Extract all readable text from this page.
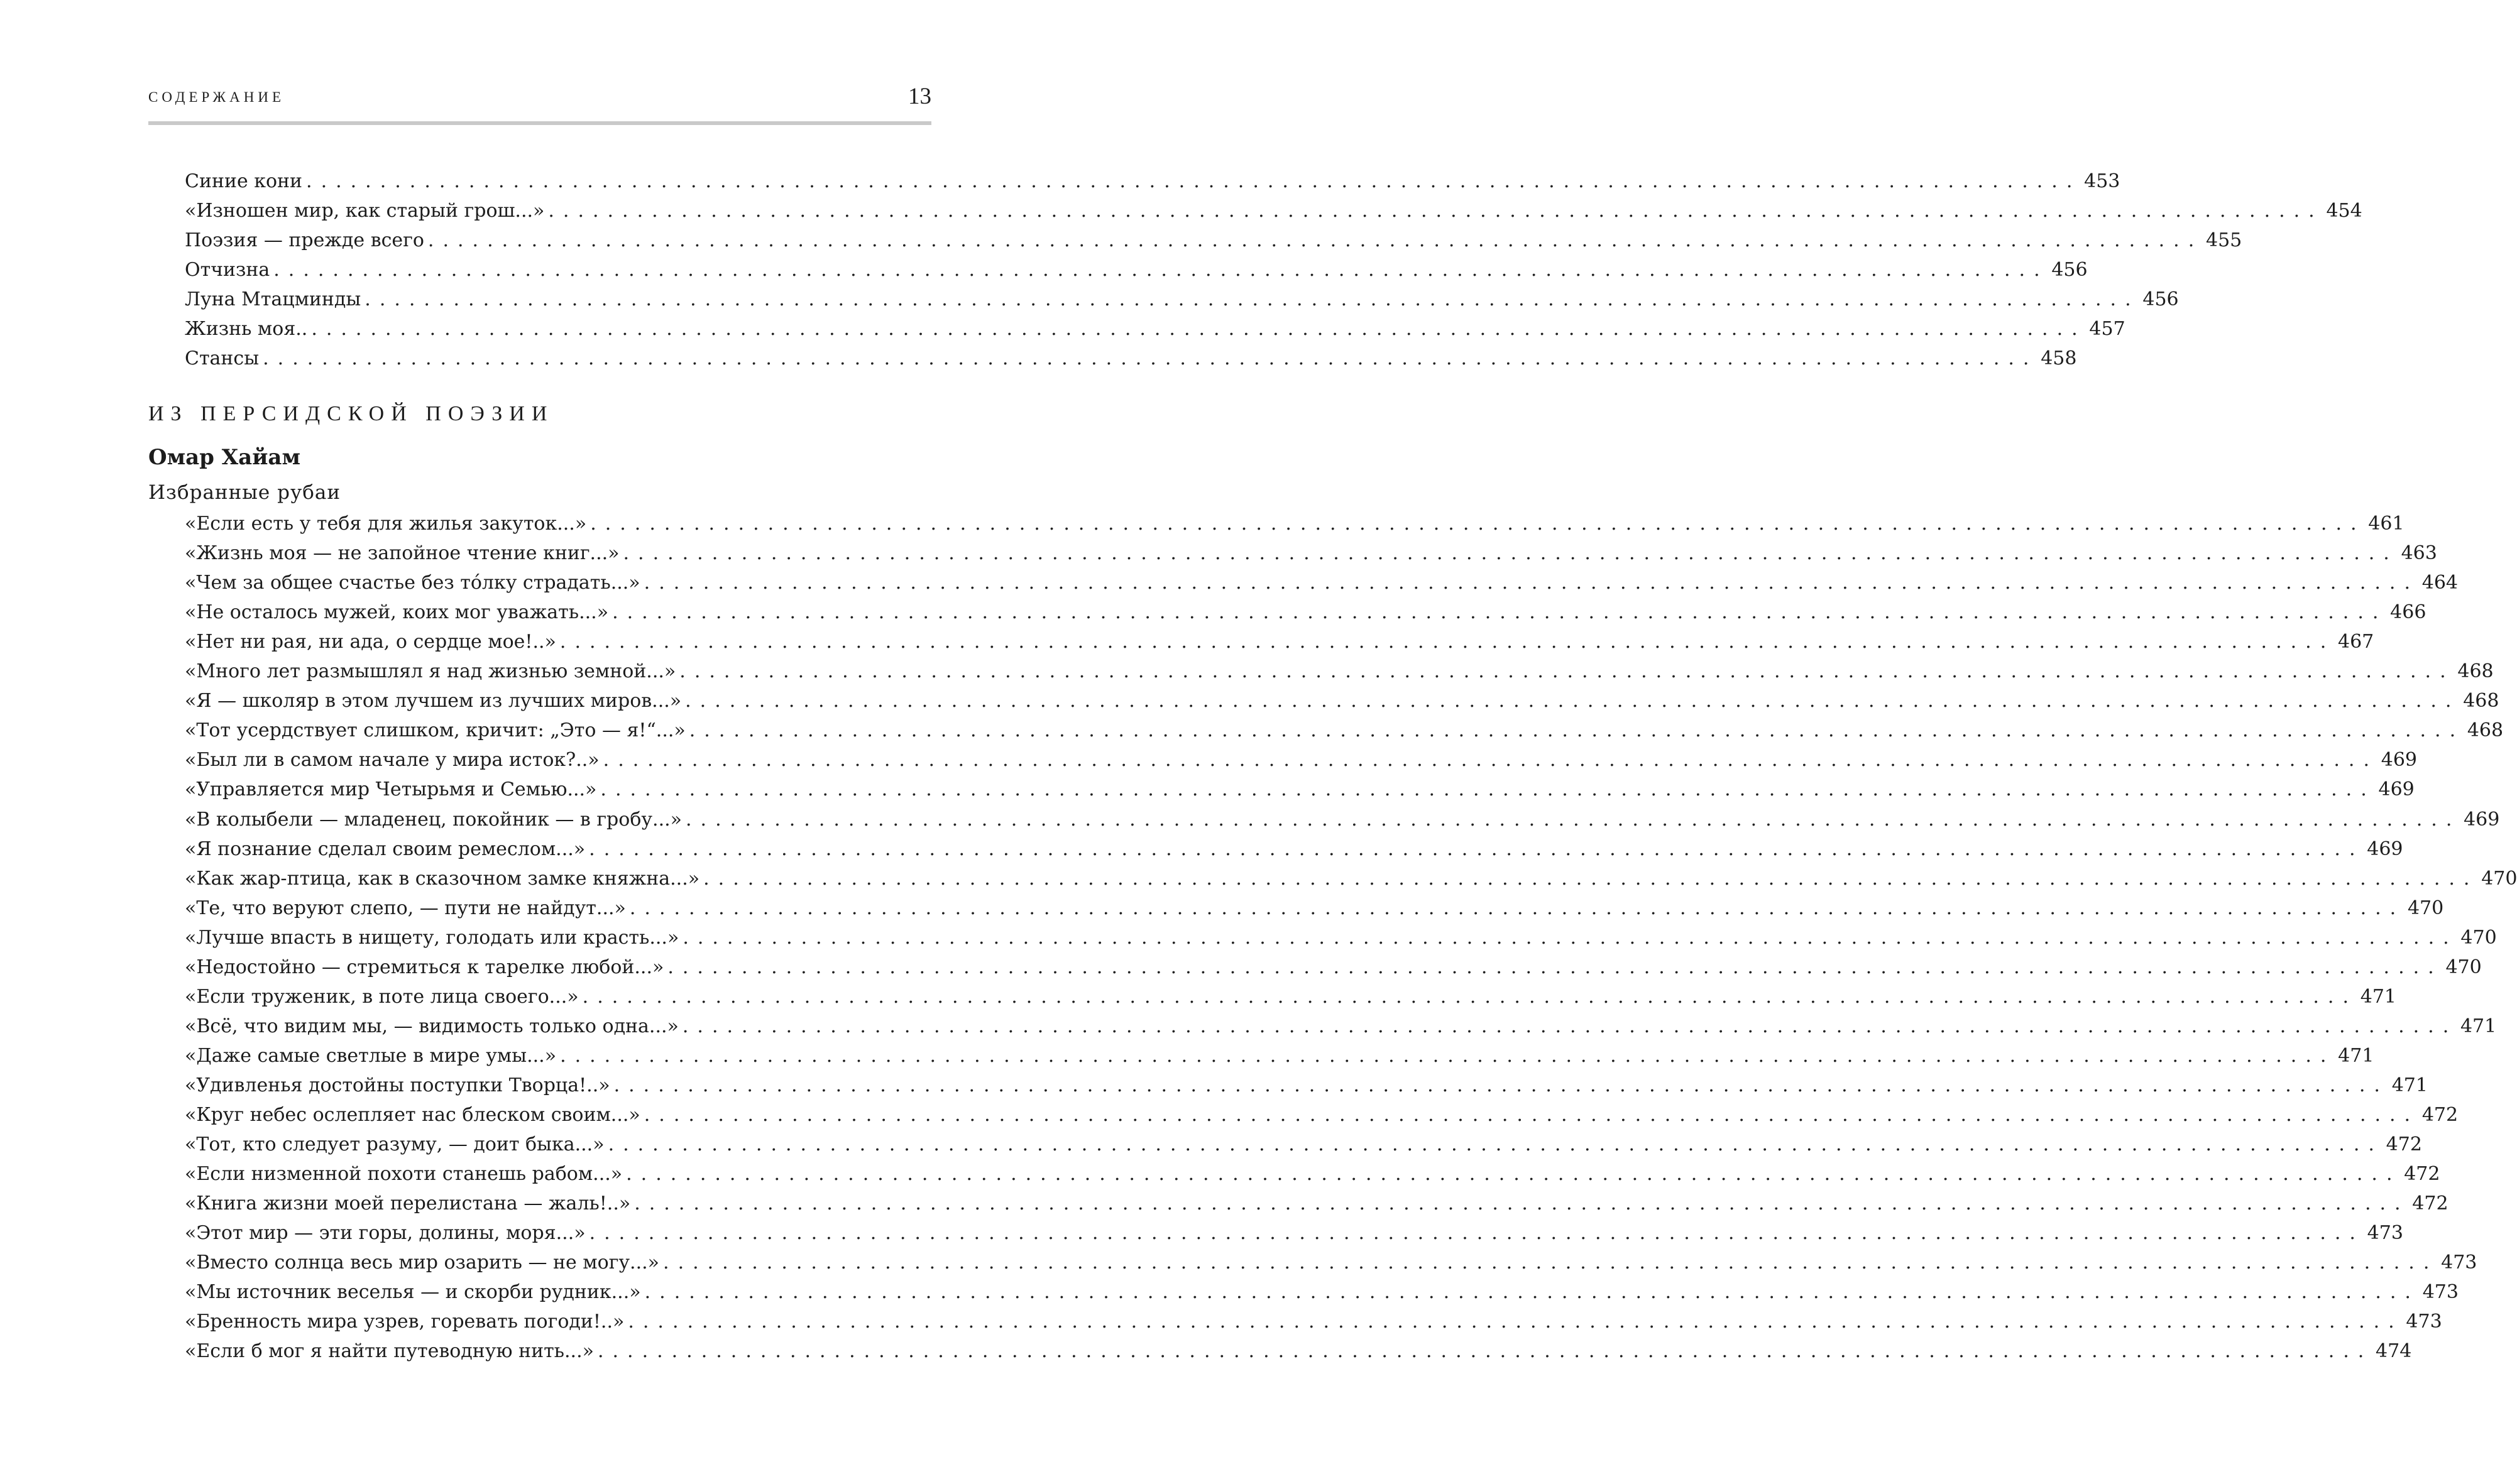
СОДЕРЖАНИЕ	13
Синие кони ........................................................................................................................ 453
«Изношен мир, как старый грош...» ........................................................................................................................ 454
Поэзия — прежде всего ........................................................................................................................ 455
Отчизна ........................................................................................................................ 456
Луна Мтацминды ........................................................................................................................ 456
Жизнь моя.. ........................................................................................................................ 457
Стансы ........................................................................................................................ 458
ИЗ ПЕРСИДСКОЙ ПОЭЗИИ
Омар Хайам
Избранные рубаи
«Если есть у тебя для жилья закуток...» ........................................................................................................................ 461
«Жизнь моя — не запойное чтение книг...» ........................................................................................................................ 463
«Чем за общее счастье без то́лку страдать...» ........................................................................................................................ 464
«Не осталось мужей, коих мог уважать...» ........................................................................................................................ 466
«Нет ни рая, ни ада, о сердце мое!..» ........................................................................................................................ 467
«Много лет размышлял я над жизнью земной...» ........................................................................................................................ 468
«Я — школяр в этом лучшем из лучших миров...» ........................................................................................................................ 468
«Тот усердствует слишком, кричит: „Это — я!“...» ........................................................................................................................ 468
«Был ли в самом начале у мира исток?..» ........................................................................................................................ 469
«Управляется мир Четырьмя и Семью...» ........................................................................................................................ 469
«В колыбели — младенец, покойник — в гробу...» ........................................................................................................................ 469
«Я познание сделал своим ремеслом...» ........................................................................................................................ 469
«Как жар-птица, как в сказочном замке княжна...» ........................................................................................................................ 470
«Те, что веруют слепо, — пути не найдут...» ........................................................................................................................ 470
«Лучше впасть в нищету, голодать или красть...» ........................................................................................................................ 470
«Недостойно — стремиться к тарелке любой...» ........................................................................................................................ 470
«Если труженик, в поте лица своего...» ........................................................................................................................ 471
«Всё, что видим мы, — видимость только одна...» ........................................................................................................................ 471
«Даже самые светлые в мире умы...» ........................................................................................................................ 471
«Удивленья достойны поступки Творца!..» ........................................................................................................................ 471
«Круг небес ослепляет нас блеском своим...» ........................................................................................................................ 472
«Тот, кто следует разуму, — доит быка...» ........................................................................................................................ 472
«Если низменной похоти станешь рабом...» ........................................................................................................................ 472
«Книга жизни моей перелистана — жаль!..» ........................................................................................................................ 472
«Этот мир — эти горы, долины, моря...» ........................................................................................................................ 473
«Вместо солнца весь мир озарить — не могу...» ........................................................................................................................ 473
«Мы источник веселья — и скорби рудник...» ........................................................................................................................ 473
«Бренность мира узрев, горевать погоди!..» ........................................................................................................................ 473
«Если б мог я найти путеводную нить...» ........................................................................................................................ 474
